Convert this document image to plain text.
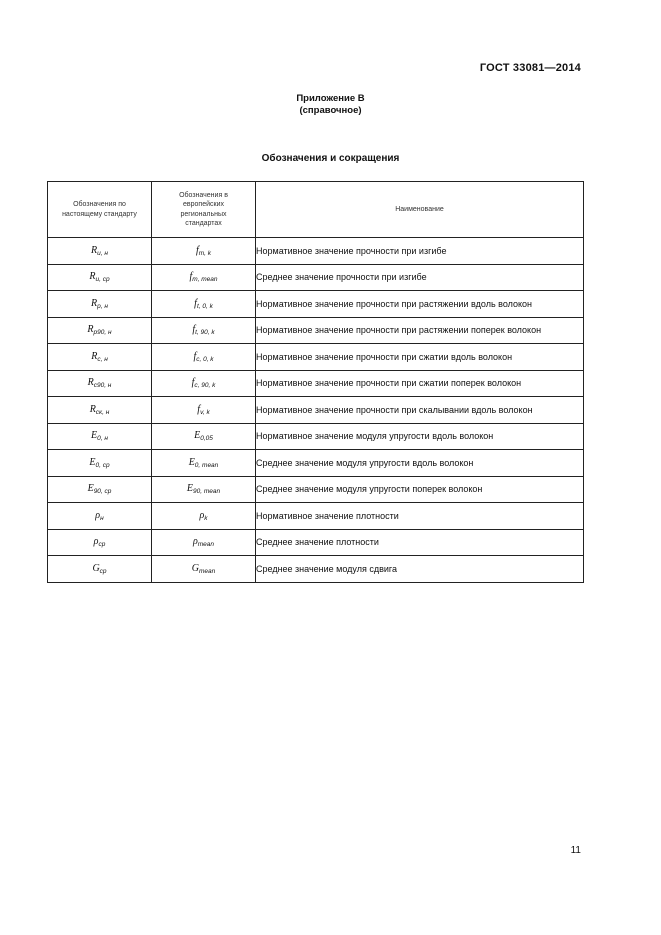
ГОСТ 33081—2014
Приложение В
(справочное)
Обозначения и сокращения
Обозначения по настоящему стандарту	Обозначения в европейских региональных стандартах	Наименование
$R_{u, н}$	$f_{m, k}$	Нормативное значение прочности при изгибе
$R_{u, ср}$	$f_{m, mean}$	Среднее значение прочности при изгибе
$R_{р, н}$	$f_{t, 0, k}$	Нормативное значение прочности при растяжении вдоль волокон
$R_{р90, н}$	$f_{t, 90, k}$	Нормативное значение прочности при растяжении поперек волокон
$R_{с, н}$	$f_{c, 0, k}$	Нормативное значение прочности при сжатии вдоль волокон
$R_{с90, н}$	$f_{c, 90, k}$	Нормативное значение прочности при сжатии поперек волокон
$R_{ск, н}$	$f_{v, k}$	Нормативное значение прочности при скалывании вдоль волокон
$E_{0, н}$	$E_{0,05}$	Нормативное значение модуля упругости вдоль волокон
$E_{0, ср}$	$E_{0, mean}$	Среднее значение модуля упругости вдоль волокон
$E_{90, ср}$	$E_{90, mean}$	Среднее значение модуля упругости поперек волокон
$\rho_н$	$\rho_k$	Нормативное значение плотности
$\rho_{ср}$	$\rho_{mean}$	Среднее значение плотности
$G_{ср}$	$G_{mean}$	Среднее значение модуля сдвига
11
